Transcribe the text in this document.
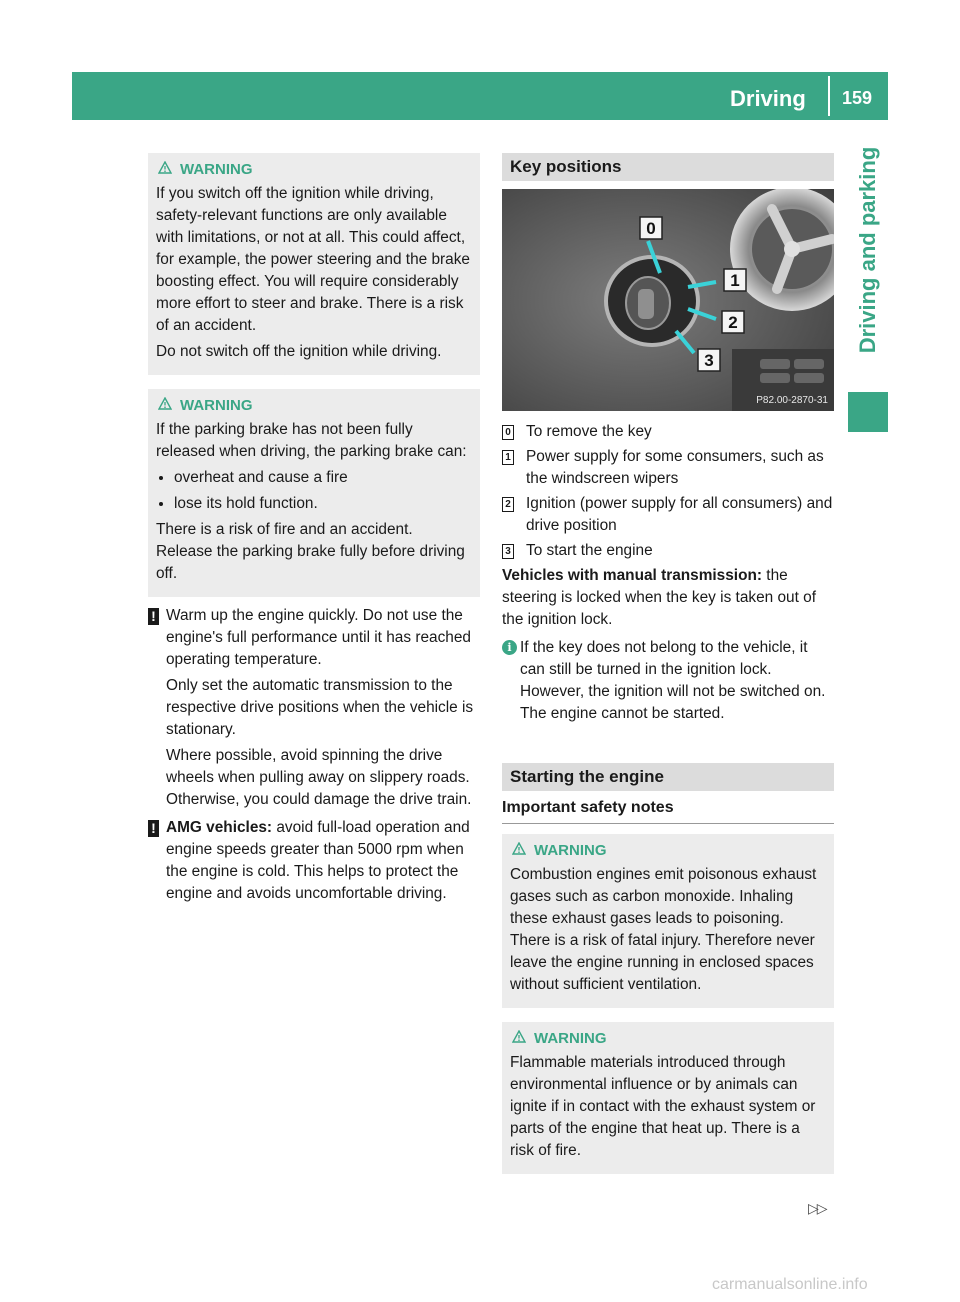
Driving 159
Driving and parking
WARNING

If you switch off the ignition while driving, safety-relevant functions are only available with limitations, or not at all. This could affect, for example, the power steering and the brake boosting effect. You will require considerably more effort to steer and brake. There is a risk of an accident.

Do not switch off the ignition while driving.

WARNING

If the parking brake has not been fully released when driving, the parking brake can:

• overheat and cause a fire
• lose its hold function.

There is a risk of fire and an accident. Release the parking brake fully before driving off.

! Warm up the engine quickly. Do not use the engine's full performance until it has reached operating temperature.

Only set the automatic transmission to the respective drive positions when the vehicle is stationary.

Where possible, avoid spinning the drive wheels when pulling away on slippery roads. Otherwise, you could damage the drive train.

! AMG vehicles: avoid full-load operation and engine speeds greater than 5000 rpm when the engine is cold. This helps to protect the engine and avoids uncomfortable driving.

Key positions
0
1
2
3
P82.00-2870-31
0 To remove the key
1 Power supply for some consumers, such as the windscreen wipers
2 Ignition (power supply for all consumers) and drive position
3 To start the engine

Vehicles with manual transmission: the steering is locked when the key is taken out of the ignition lock.

i If the key does not belong to the vehicle, it can still be turned in the ignition lock. However, the ignition will not be switched on. The engine cannot be started.
Starting the engine
Important safety notes
WARNING

Combustion engines emit poisonous exhaust gases such as carbon monoxide. Inhaling these exhaust gases leads to poisoning. There is a risk of fatal injury. Therefore never leave the engine running in enclosed spaces without sufficient ventilation.

WARNING

Flammable materials introduced through environmental influence or by animals can ignite if in contact with the exhaust system or parts of the engine that heat up. There is a risk of fire.

▷▷
carmanualsonline.info
